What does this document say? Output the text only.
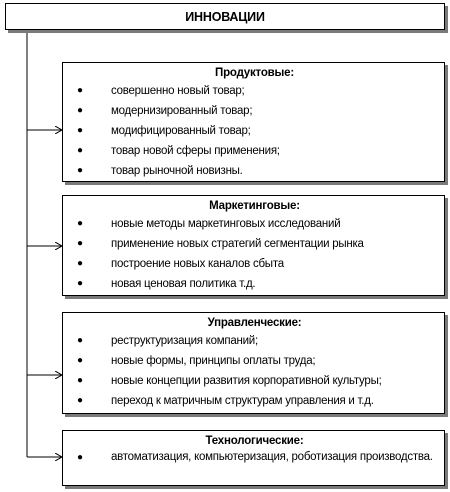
ИННОВАЦИИ
Продуктовые:
● совершенно новый товар;
● модернизированный товар;
● модифицированный товар;
● товар новой сферы применения;
● товар рыночной новизны.
Маркетинговые:
● новые методы маркетинговых исследований
● применение новых стратегий сегментации рынка
● построение новых каналов сбыта
● новая ценовая политика т.д.
Управленческие:
● реструктуризация компаний;
● новые формы, принципы оплаты труда;
● новые концепции развития корпоративной культуры;
● переход к матричным структурам управления и т.д.
Технологические:
● автоматизация, компьютеризация, роботизация производства.
